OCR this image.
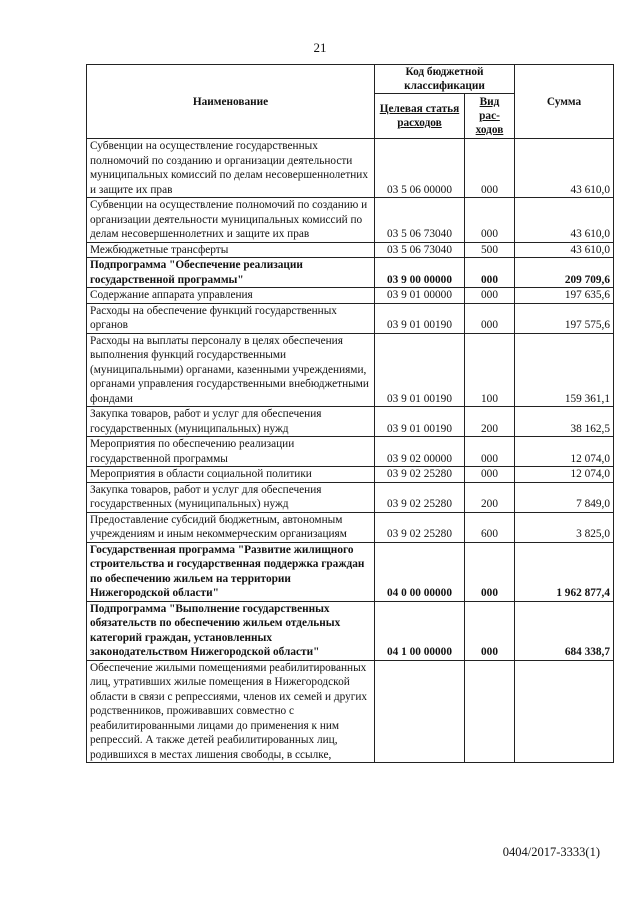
21
Наименование	Код бюджетной классификации		Сумма
	Целевая статья расходов	Вид рас-ходов	
Субвенции на осуществление государственных полномочий по созданию и организации деятельности муниципальных комиссий по делам несовершеннолетних и защите их прав	03 5 06 00000	000	43 610,0
Субвенции на осуществление полномочий по созданию и организации деятельности муниципальных комиссий по делам несовершеннолетних и защите их прав	03 5 06 73040	000	43 610,0
Межбюджетные трансферты	03 5 06 73040	500	43 610,0
Подпрограмма "Обеспечение реализации государственной программы"	03 9 00 00000	000	209 709,6
Содержание аппарата управления	03 9 01 00000	000	197 635,6
Расходы на обеспечение функций государственных органов	03 9 01 00190	000	197 575,6
Расходы на выплаты персоналу в целях обеспечения выполнения функций государственными (муниципальными) органами, казенными учреждениями, органами управления государственными внебюджетными фондами	03 9 01 00190	100	159 361,1
Закупка товаров, работ и услуг для обеспечения государственных (муниципальных) нужд	03 9 01 00190	200	38 162,5
Мероприятия по обеспечению реализации государственной программы	03 9 02 00000	000	12 074,0
Мероприятия в области социальной политики	03 9 02 25280	000	12 074,0
Закупка товаров, работ и услуг для обеспечения государственных (муниципальных) нужд	03 9 02 25280	200	7 849,0
Предоставление субсидий бюджетным, автономным учреждениям и иным некоммерческим организациям	03 9 02 25280	600	3 825,0
Государственная программа "Развитие жилищного строительства и государственная поддержка граждан по обеспечению жильем на территории Нижегородской области"	04 0 00 00000	000	1 962 877,4
Подпрограмма "Выполнение государственных обязательств по обеспечению жильем отдельных категорий граждан, установленных законодательством Нижегородской области"	04 1 00 00000	000	684 338,7
Обеспечение жилыми помещениями реабилитированных лиц, утративших жилые помещения в Нижегородской области в связи с репрессиями, членов их семей и других родственников, проживавших совместно с реабилитированными лицами до применения к ним репрессий. А также детей реабилитированных лиц, родившихся в местах лишения свободы, в ссылке,			
0404/2017-3333(1)
